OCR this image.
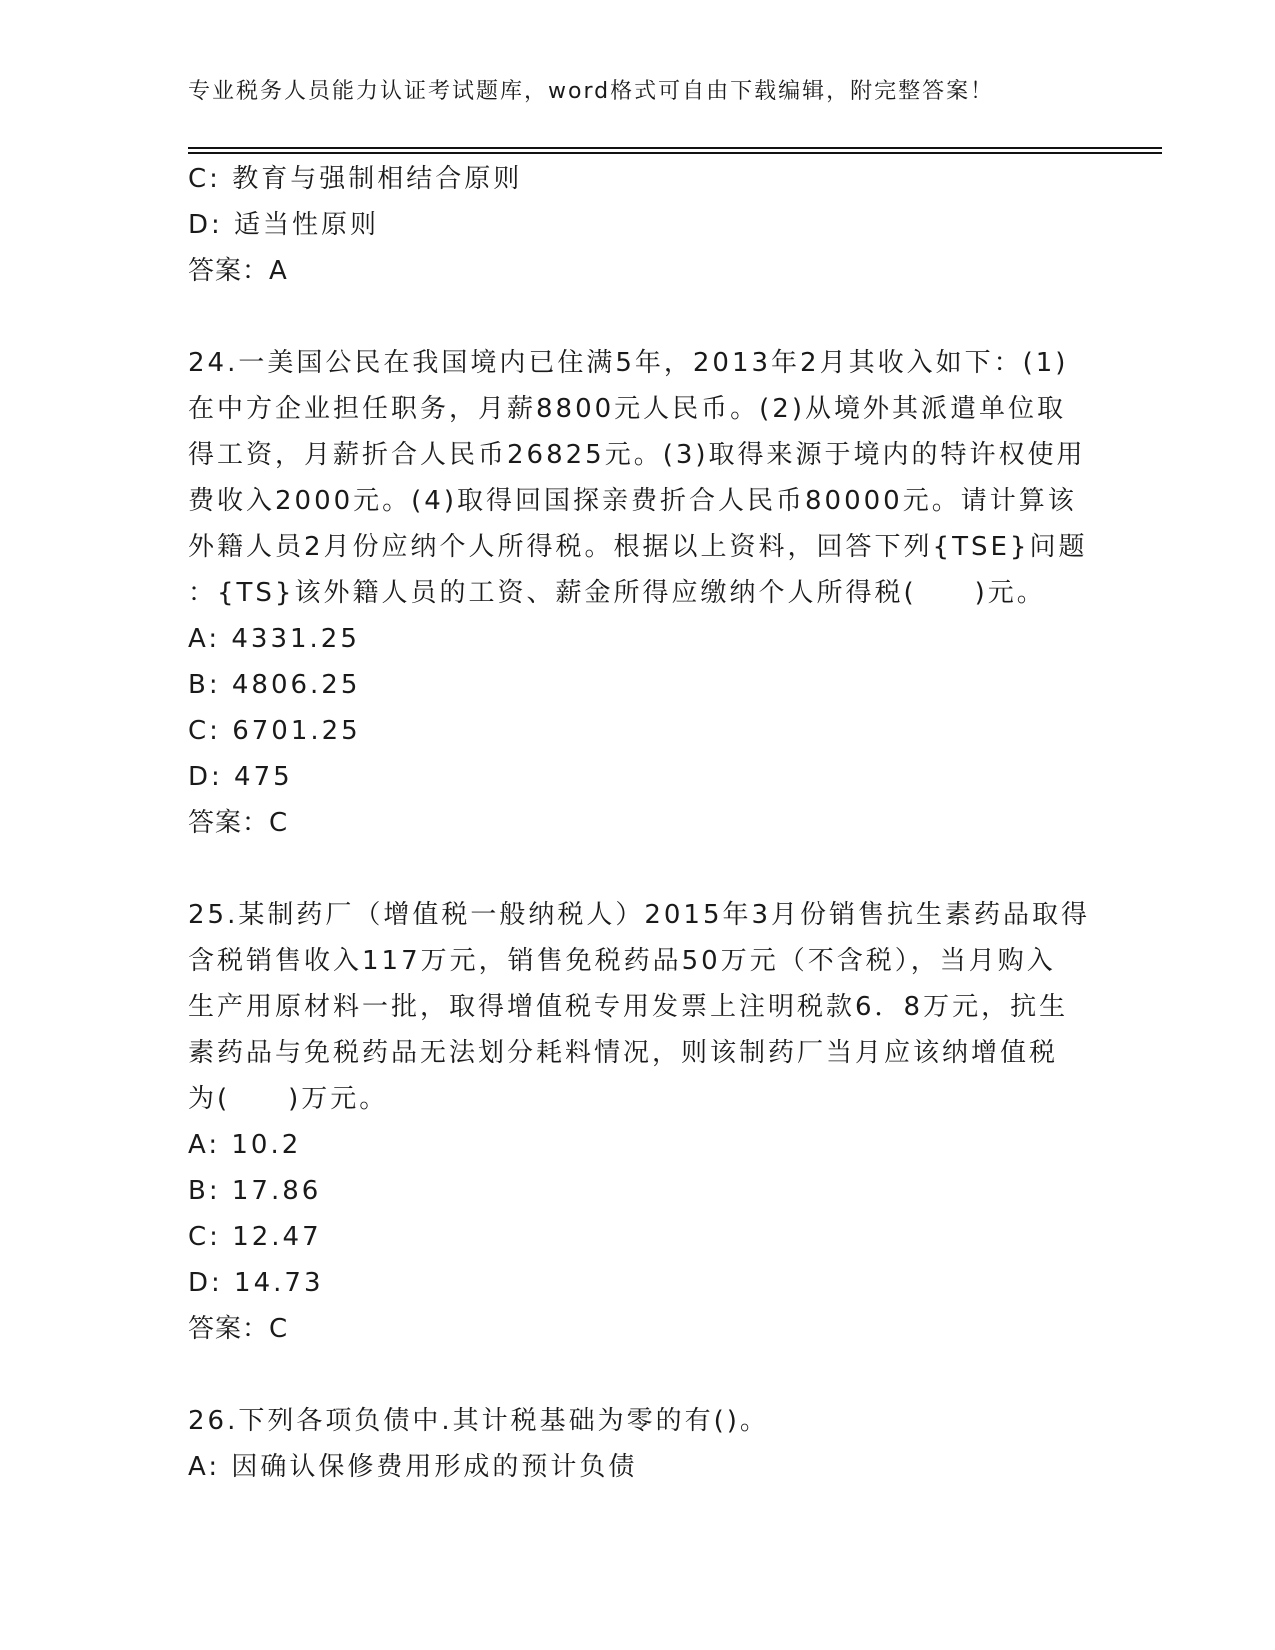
专业税务人员能力认证考试题库，word格式可自由下载编辑，附完整答案！
C: 教育与强制相结合原则
D: 适当性原则
答案：A
24.一美国公民在我国境内已住满5年，2013年2月其收入如下：(1)
在中方企业担任职务，月薪8800元人民币。(2)从境外其派遣单位取
得工资，月薪折合人民币26825元。(3)取得来源于境内的特许权使用
费收入2000元。(4)取得回国探亲费折合人民币80000元。请计算该
外籍人员2月份应纳个人所得税。根据以上资料，回答下列{TSE}问题
：{TS}该外籍人员的工资、薪金所得应缴纳个人所得税(　　)元。
A: 4331.25
B: 4806.25
C: 6701.25
D: 475
答案：C
25.某制药厂（增值税一般纳税人）2015年3月份销售抗生素药品取得
含税销售收入117万元，销售免税药品50万元（不含税），当月购入
生产用原材料一批，取得增值税专用发票上注明税款6．8万元，抗生
素药品与免税药品无法划分耗料情况，则该制药厂当月应该纳增值税
为(　　)万元。
A: 10.2
B: 17.86
C: 12.47
D: 14.73
答案：C
26.下列各项负债中.其计税基础为零的有()。
A: 因确认保修费用形成的预计负债
